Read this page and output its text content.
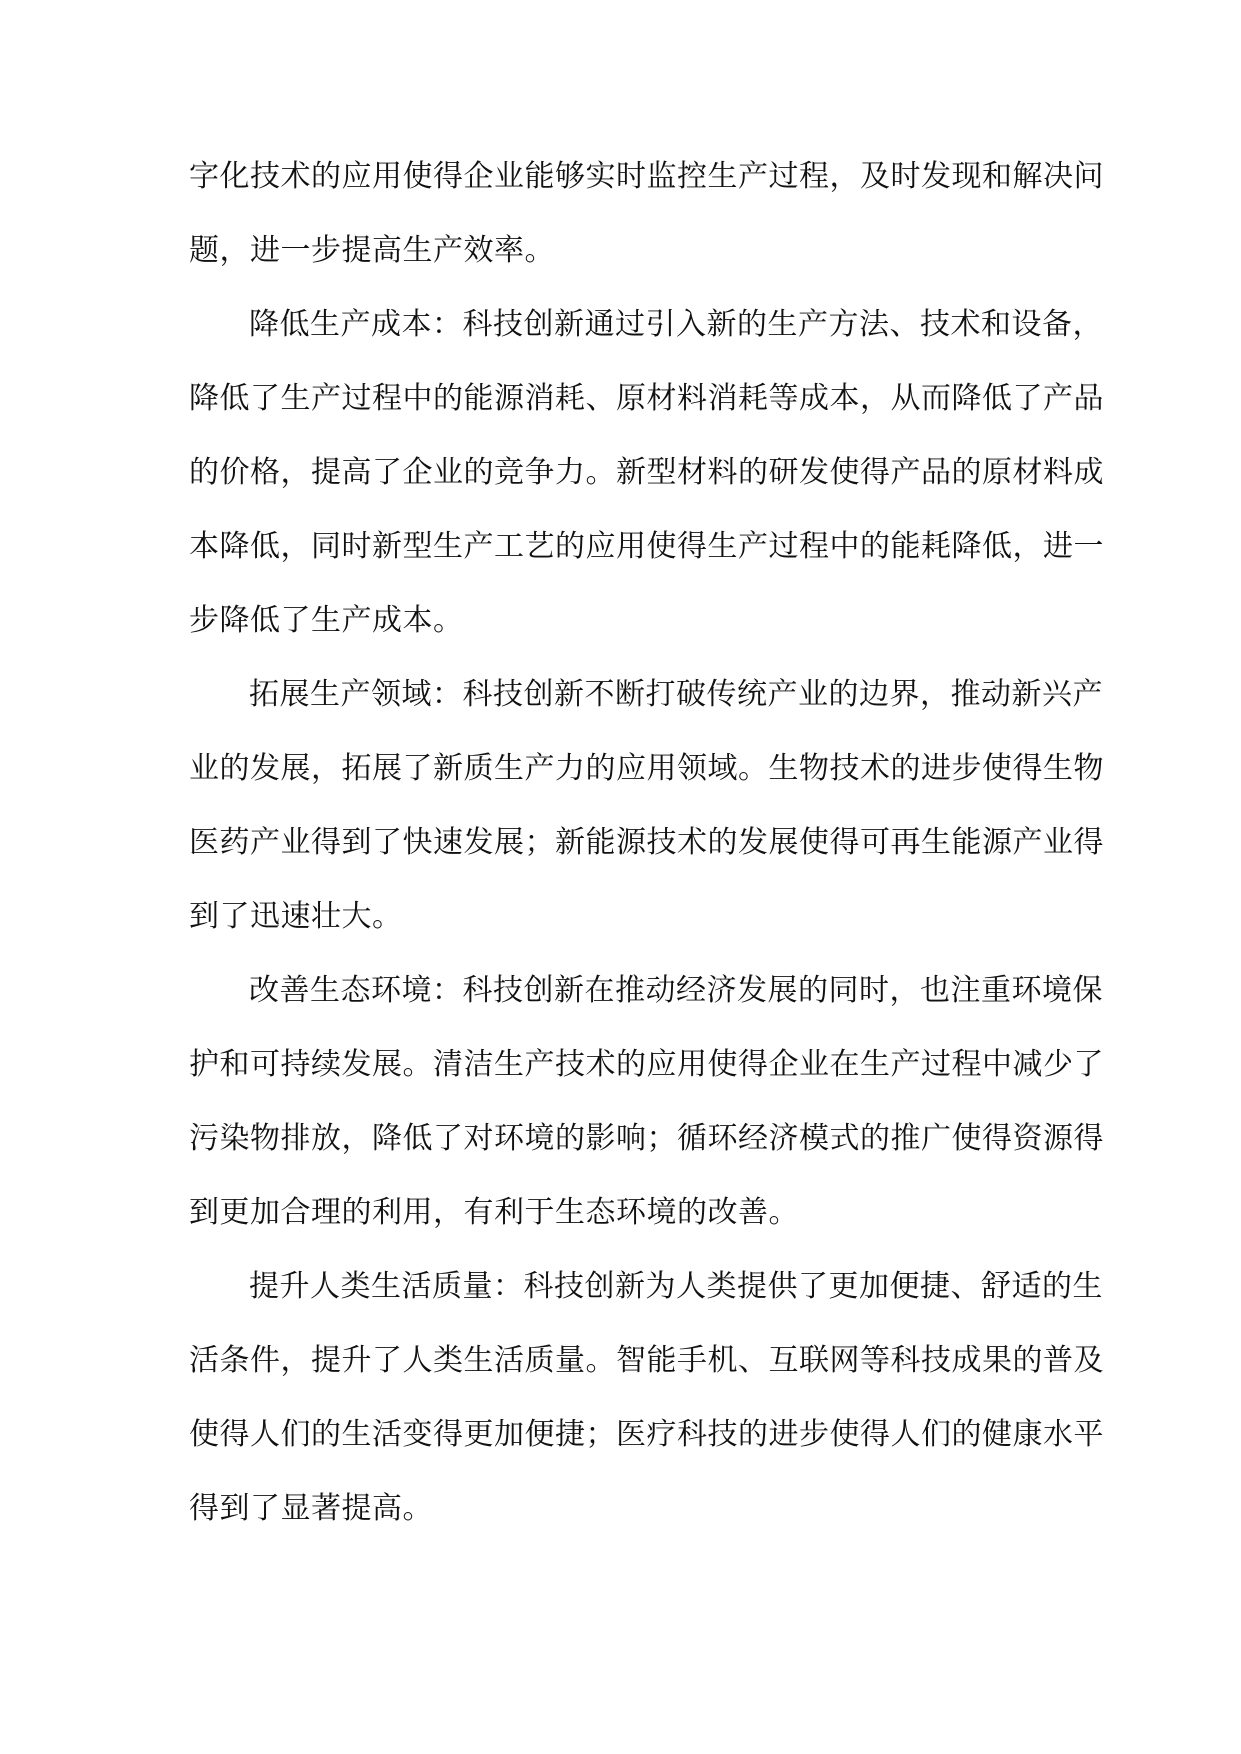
字化技术的应用使得企业能够实时监控生产过程，及时发现和解决问
题，进一步提高生产效率。
降低生产成本：科技创新通过引入新的生产方法、技术和设备，
降低了生产过程中的能源消耗、原材料消耗等成本，从而降低了产品
的价格，提高了企业的竞争力。新型材料的研发使得产品的原材料成
本降低，同时新型生产工艺的应用使得生产过程中的能耗降低，进一
步降低了生产成本。
拓展生产领域：科技创新不断打破传统产业的边界，推动新兴产
业的发展，拓展了新质生产力的应用领域。生物技术的进步使得生物
医药产业得到了快速发展；新能源技术的发展使得可再生能源产业得
到了迅速壮大。
改善生态环境：科技创新在推动经济发展的同时，也注重环境保
护和可持续发展。清洁生产技术的应用使得企业在生产过程中减少了
污染物排放，降低了对环境的影响；循环经济模式的推广使得资源得
到更加合理的利用，有利于生态环境的改善。
提升人类生活质量：科技创新为人类提供了更加便捷、舒适的生
活条件，提升了人类生活质量。智能手机、互联网等科技成果的普及
使得人们的生活变得更加便捷；医疗科技的进步使得人们的健康水平
得到了显著提高。
